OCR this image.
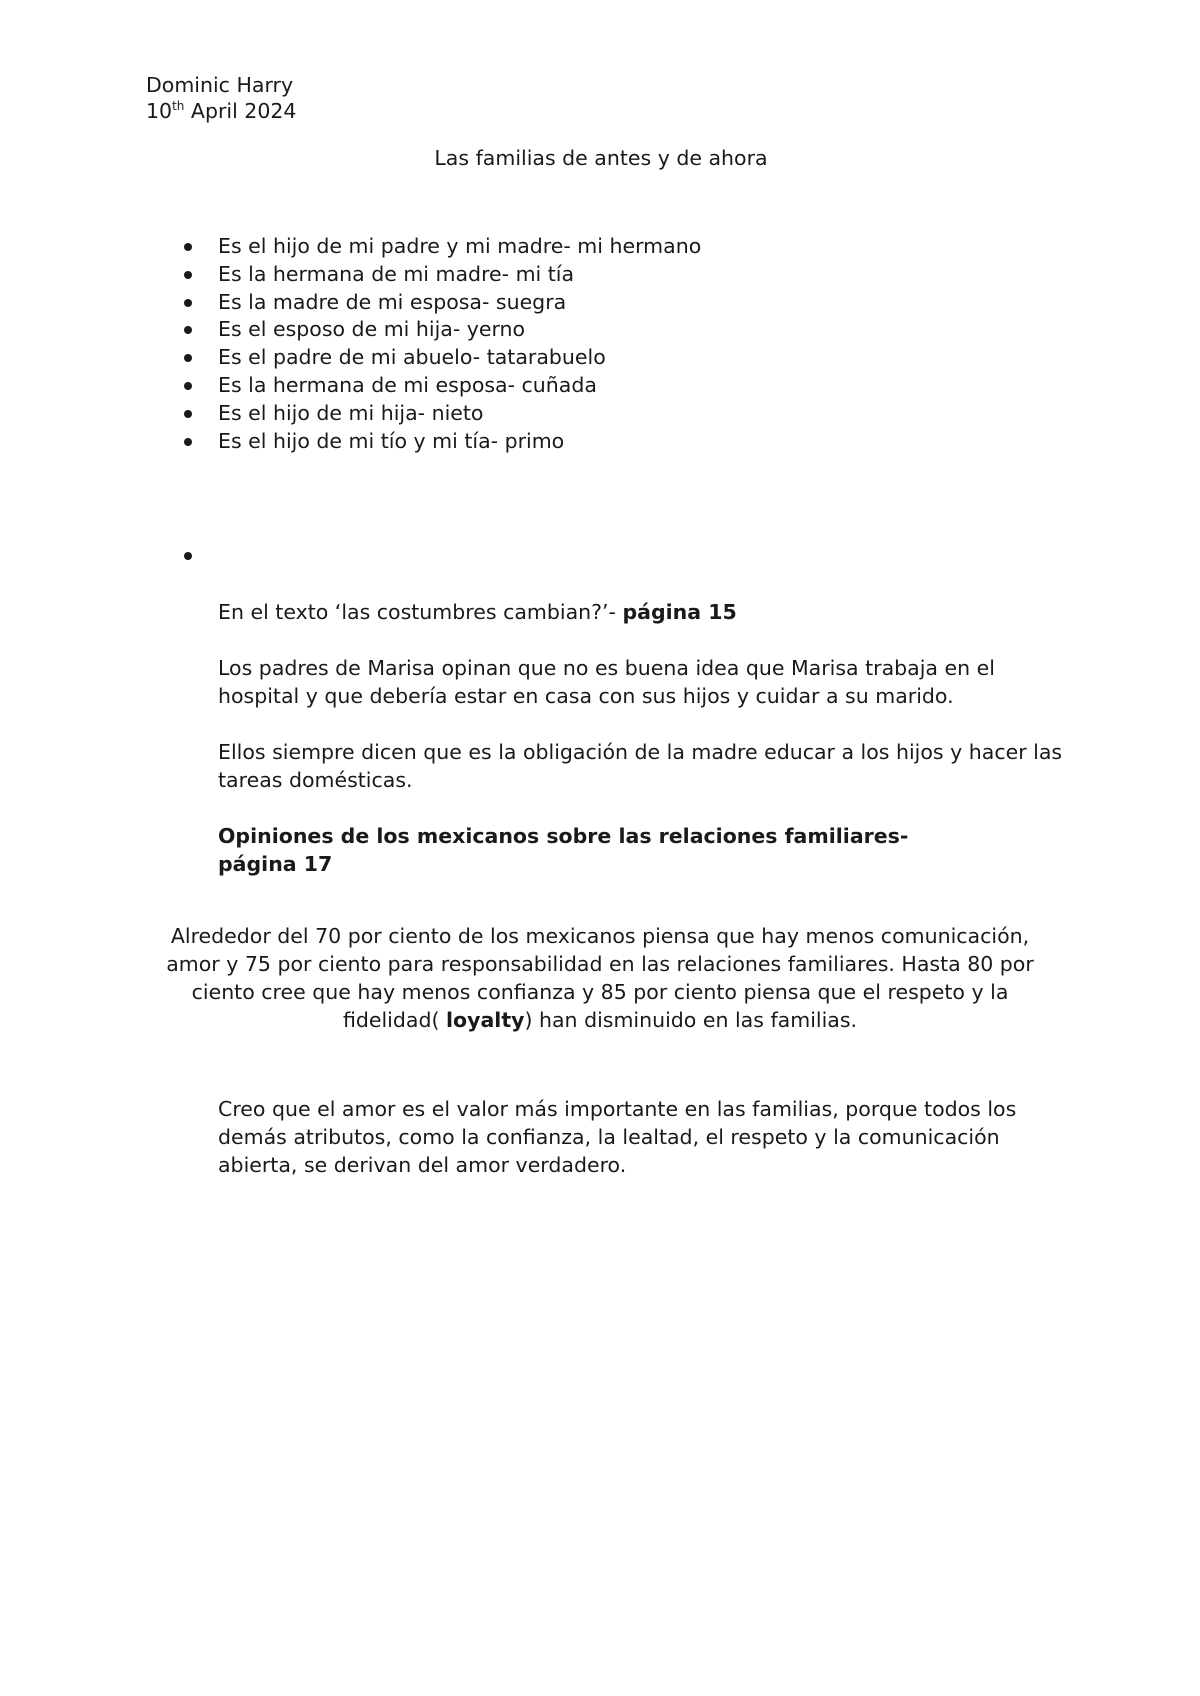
Dominic Harry

10th April 2024

Las familias de antes y de ahora

Es el hijo de mi padre y mi madre- mi hermano
Es la hermana de mi madre- mi tía
Es la madre de mi esposa- suegra
Es el esposo de mi hija- yerno
Es el padre de mi abuelo- tatarabuelo
Es la hermana de mi esposa- cuñada
Es el hijo de mi hija- nieto
Es el hijo de mi tío y mi tía- primo

En el texto ‘las costumbres cambian?’- página 15

Los padres de Marisa opinan que no es buena idea que Marisa trabaja en el hospital y que debería estar en casa con sus hijos y cuidar a su marido.

Ellos siempre dicen que es la obligación de la madre educar a los hijos y hacer las tareas domésticas.

Opiniones de los mexicanos sobre las relaciones familiares-
página 17

Alrededor del 70 por ciento de los mexicanos piensa que hay menos comunicación, amor y 75 por ciento para responsabilidad en las relaciones familiares. Hasta 80 por ciento cree que hay menos confianza y 85 por ciento piensa que el respeto y la fidelidad( loyalty) han disminuido en las familias.

Creo que el amor es el valor más importante en las familias, porque todos los demás atributos, como la confianza, la lealtad, el respeto y la comunicación abierta, se derivan del amor verdadero.
